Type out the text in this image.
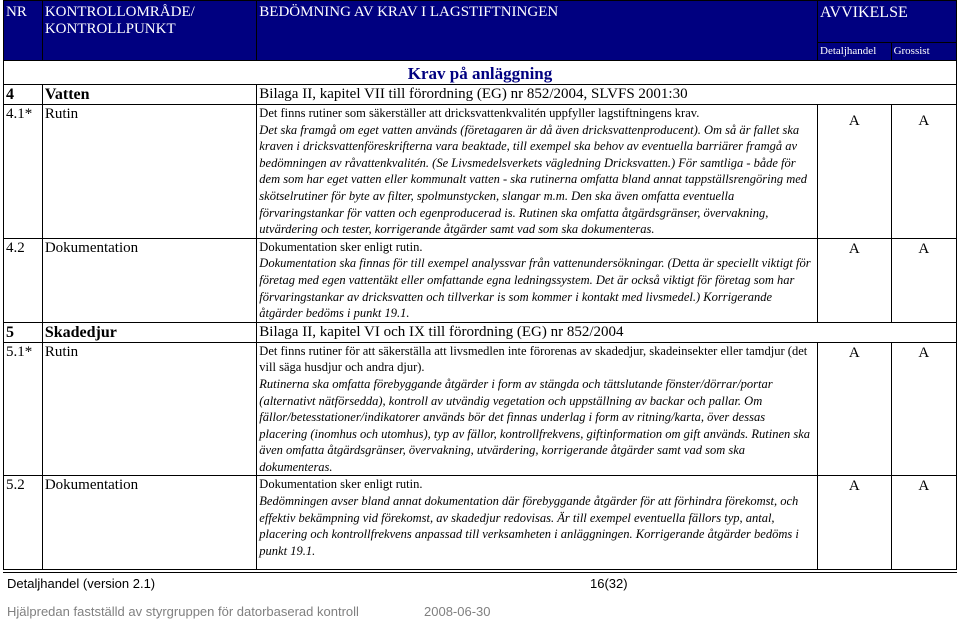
NR	KONTROLLOMRÅDE/
KONTROLLPUNKT	BEDÖMNING AV KRAV I LAGSTIFTNINGEN	AVVIKELSE	

			Detaljhandel	Grossist
Krav på anläggning				
4	Vatten	Bilaga II, kapitel VII till förordning (EG) nr 852/2004, SLVFS 2001:30		
4.1*	Rutin	Det finns rutiner som säkerställer att dricksvattenkvalitén uppfyller lagstiftningens krav.
Det ska framgå om eget vatten används (företagaren är då även dricksvattenproducent). Om så är fallet ska kraven i dricksvattenföreskrifterna vara beaktade, till exempel ska behov av eventuella barriärer framgå av bedömningen av råvattenkvalitén. (Se Livsmedelsverkets vägledning Dricksvatten.) För samtliga - både för dem som har eget vatten eller kommunalt vatten - ska rutinerna omfatta bland annat tappställsrengöring med skötselrutiner för byte av filter, spolmunstycken, slangar m.m. Den ska även omfatta eventuella förvaringstankar för vatten och egenproducerad is. Rutinen ska omfatta åtgärdsgränser, övervakning, utvärdering och tester, korrigerande åtgärder samt vad som ska dokumenteras.	A	A

4.2	Dokumentation	Dokumentation sker enligt rutin.
Dokumentation ska finnas för till exempel analyssvar från vattenundersökningar. (Detta är speciellt viktigt för företag med egen vattentäkt eller omfattande egna ledningssystem. Det är också viktigt för företag som har förvaringstankar av dricksvatten och tillverkar is som kommer i kontakt med livsmedel.) Korrigerande åtgärder bedöms i punkt 19.1.	A	A

5	Skadedjur	Bilaga II, kapitel VI och IX till förordning (EG) nr 852/2004		
5.1*	Rutin	Det finns rutiner för att säkerställa att livsmedlen inte förorenas av skadedjur, skadeinsekter eller tamdjur (det vill säga husdjur och andra djur).
Rutinerna ska omfatta förebyggande åtgärder i form av stängda och tättslutande fönster/dörrar/portar (alternativt nätförsedda), kontroll av utvändig vegetation och uppställning av backar och pallar. Om fällor/betesstationer/indikatorer används bör det finnas underlag i form av ritning/karta, över dessas placering (inomhus och utomhus), typ av fällor, kontrollfrekvens, giftinformation om gift används. Rutinen ska även omfatta åtgärdsgränser, övervakning, utvärdering, korrigerande åtgärder samt vad som ska dokumenteras.	A	A

5.2	Dokumentation	Dokumentation sker enligt rutin.
Bedömningen avser bland annat dokumentation där förebyggande åtgärder för att förhindra förekomst, och effektiv bekämpning vid förekomst, av skadedjur redovisas. Är till exempel eventuella fällors typ, antal, placering och kontrollfrekvens anpassad till verksamheten i anläggningen. Korrigerande åtgärder bedöms i punkt 19.1.	A	A
Detaljhandel (version 2.1)	16(32)
Hjälpredan fastställd av styrgruppen för datorbaserad kontroll	2008-06-30
